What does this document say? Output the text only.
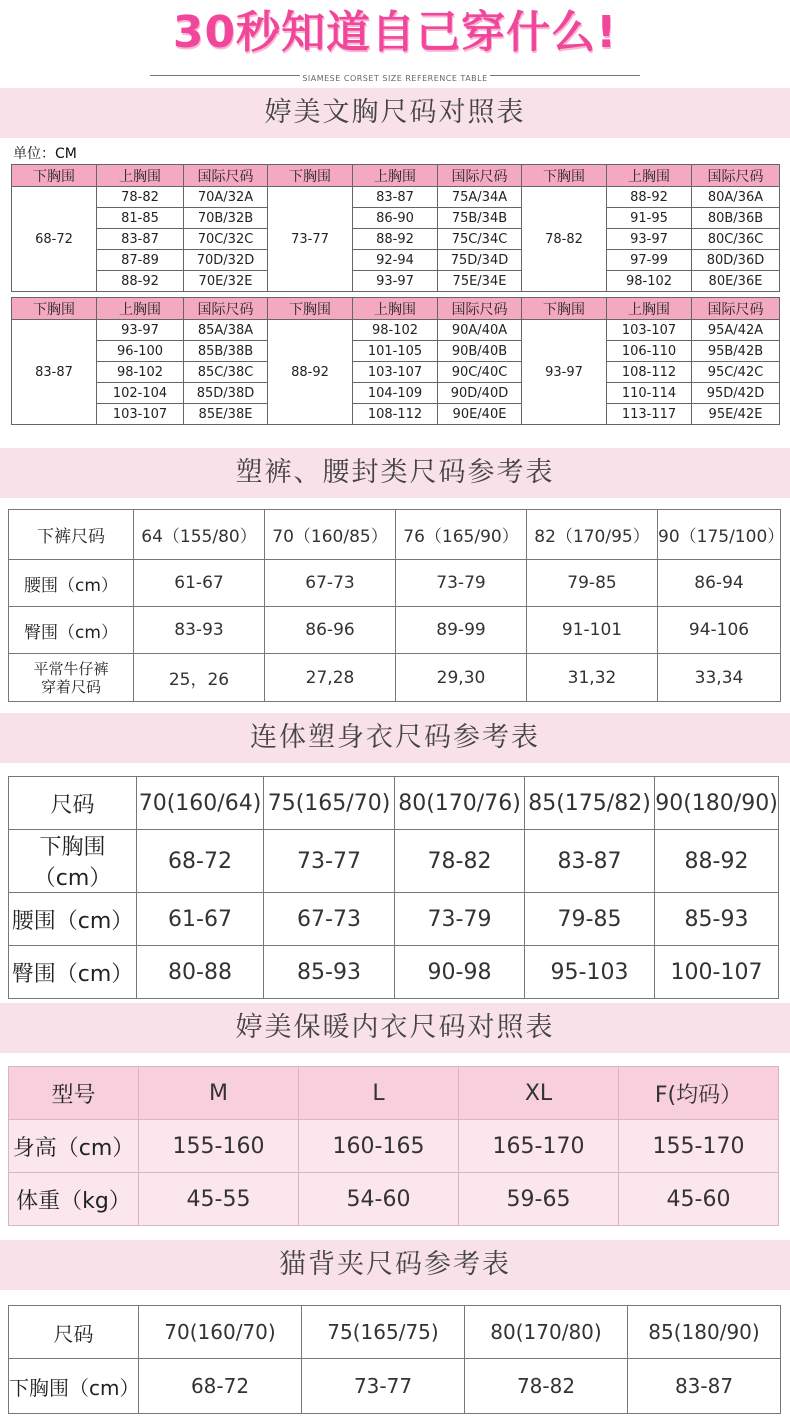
30秒知道自己穿什么!
SIAMESE CORSET SIZE REFERENCE TABLE
婷美文胸尺码对照表
单位：CM
下胸围	上胸围	国际尺码	下胸围	上胸围	国际尺码	下胸围	上胸围	国际尺码
68-72	78-82	70A/32A	73-77	83-87	75A/34A	78-82	88-92	80A/36A
	81-85	70B/32B		86-90	75B/34B		91-95	80B/36B
	83-87	70C/32C		88-92	75C/34C		93-97	80C/36C
	87-89	70D/32D		92-94	75D/34D		97-99	80D/36D
	88-92	70E/32E		93-97	75E/34E		98-102	80E/36E
下胸围	上胸围	国际尺码	下胸围	上胸围	国际尺码	下胸围	上胸围	国际尺码
83-87	93-97	85A/38A	88-92	98-102	90A/40A	93-97	103-107	95A/42A
	96-100	85B/38B		101-105	90B/40B		106-110	95B/42B
	98-102	85C/38C		103-107	90C/40C		108-112	95C/42C
	102-104	85D/38D		104-109	90D/40D		110-114	95D/42D
	103-107	85E/38E		108-112	90E/40E		113-117	95E/42E
塑裤、腰封类尺码参考表
下裤尺码	64（155/80）	70（160/85）	76（165/90）	82（170/95）	90（175/100）
腰围（cm）	61-67	67-73	73-79	79-85	86-94
臀围（cm）	83-93	86-96	89-99	91-101	94-106
平常牛仔裤
穿着尺码	25，26	27,28	29,30	31,32	33,34
连体塑身衣尺码参考表
尺码	70(160/64)	75(165/70)	80(170/76)	85(175/82)	90(180/90)
下胸围（cm）	68-72	73-77	78-82	83-87	88-92
腰围（cm）	61-67	67-73	73-79	79-85	85-93
臀围（cm）	80-88	85-93	90-98	95-103	100-107
婷美保暖内衣尺码对照表
型号	M	L	XL	F(均码）
身高（cm）	155-160	160-165	165-170	155-170
体重（kg）	45-55	54-60	59-65	45-60
猫背夹尺码参考表
尺码	70(160/70)	75(165/75)	80(170/80)	85(180/90)
下胸围（cm）	68-72	73-77	78-82	83-87
